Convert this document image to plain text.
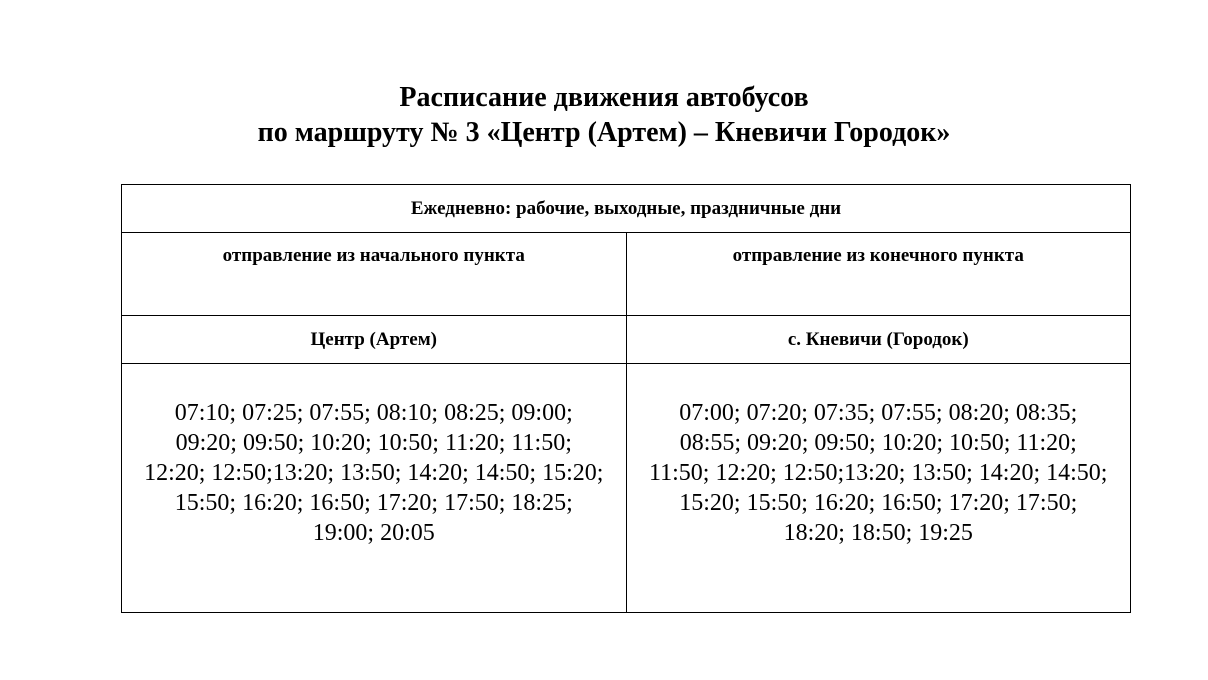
Расписание движения автобусов
по маршруту № 3 «Центр (Артем) – Кневичи Городок»
Ежедневно: рабочие, выходные, праздничные дни	
отправление из начального пункта	отправление из конечного пункта
Центр (Артем)	с. Кневичи (Городок)
07:10; 07:25; 07:55; 08:10; 08:25; 09:00; 09:20; 09:50; 10:20; 10:50; 11:20; 11:50; 12:20; 12:50;13:20; 13:50; 14:20; 14:50; 15:20; 15:50; 16:20; 16:50; 17:20; 17:50; 18:25; 19:00; 20:05	07:00; 07:20; 07:35; 07:55; 08:20; 08:35; 08:55; 09:20; 09:50; 10:20; 10:50; 11:20; 11:50; 12:20; 12:50;13:20; 13:50; 14:20; 14:50; 15:20; 15:50; 16:20; 16:50; 17:20; 17:50; 18:20; 18:50; 19:25
